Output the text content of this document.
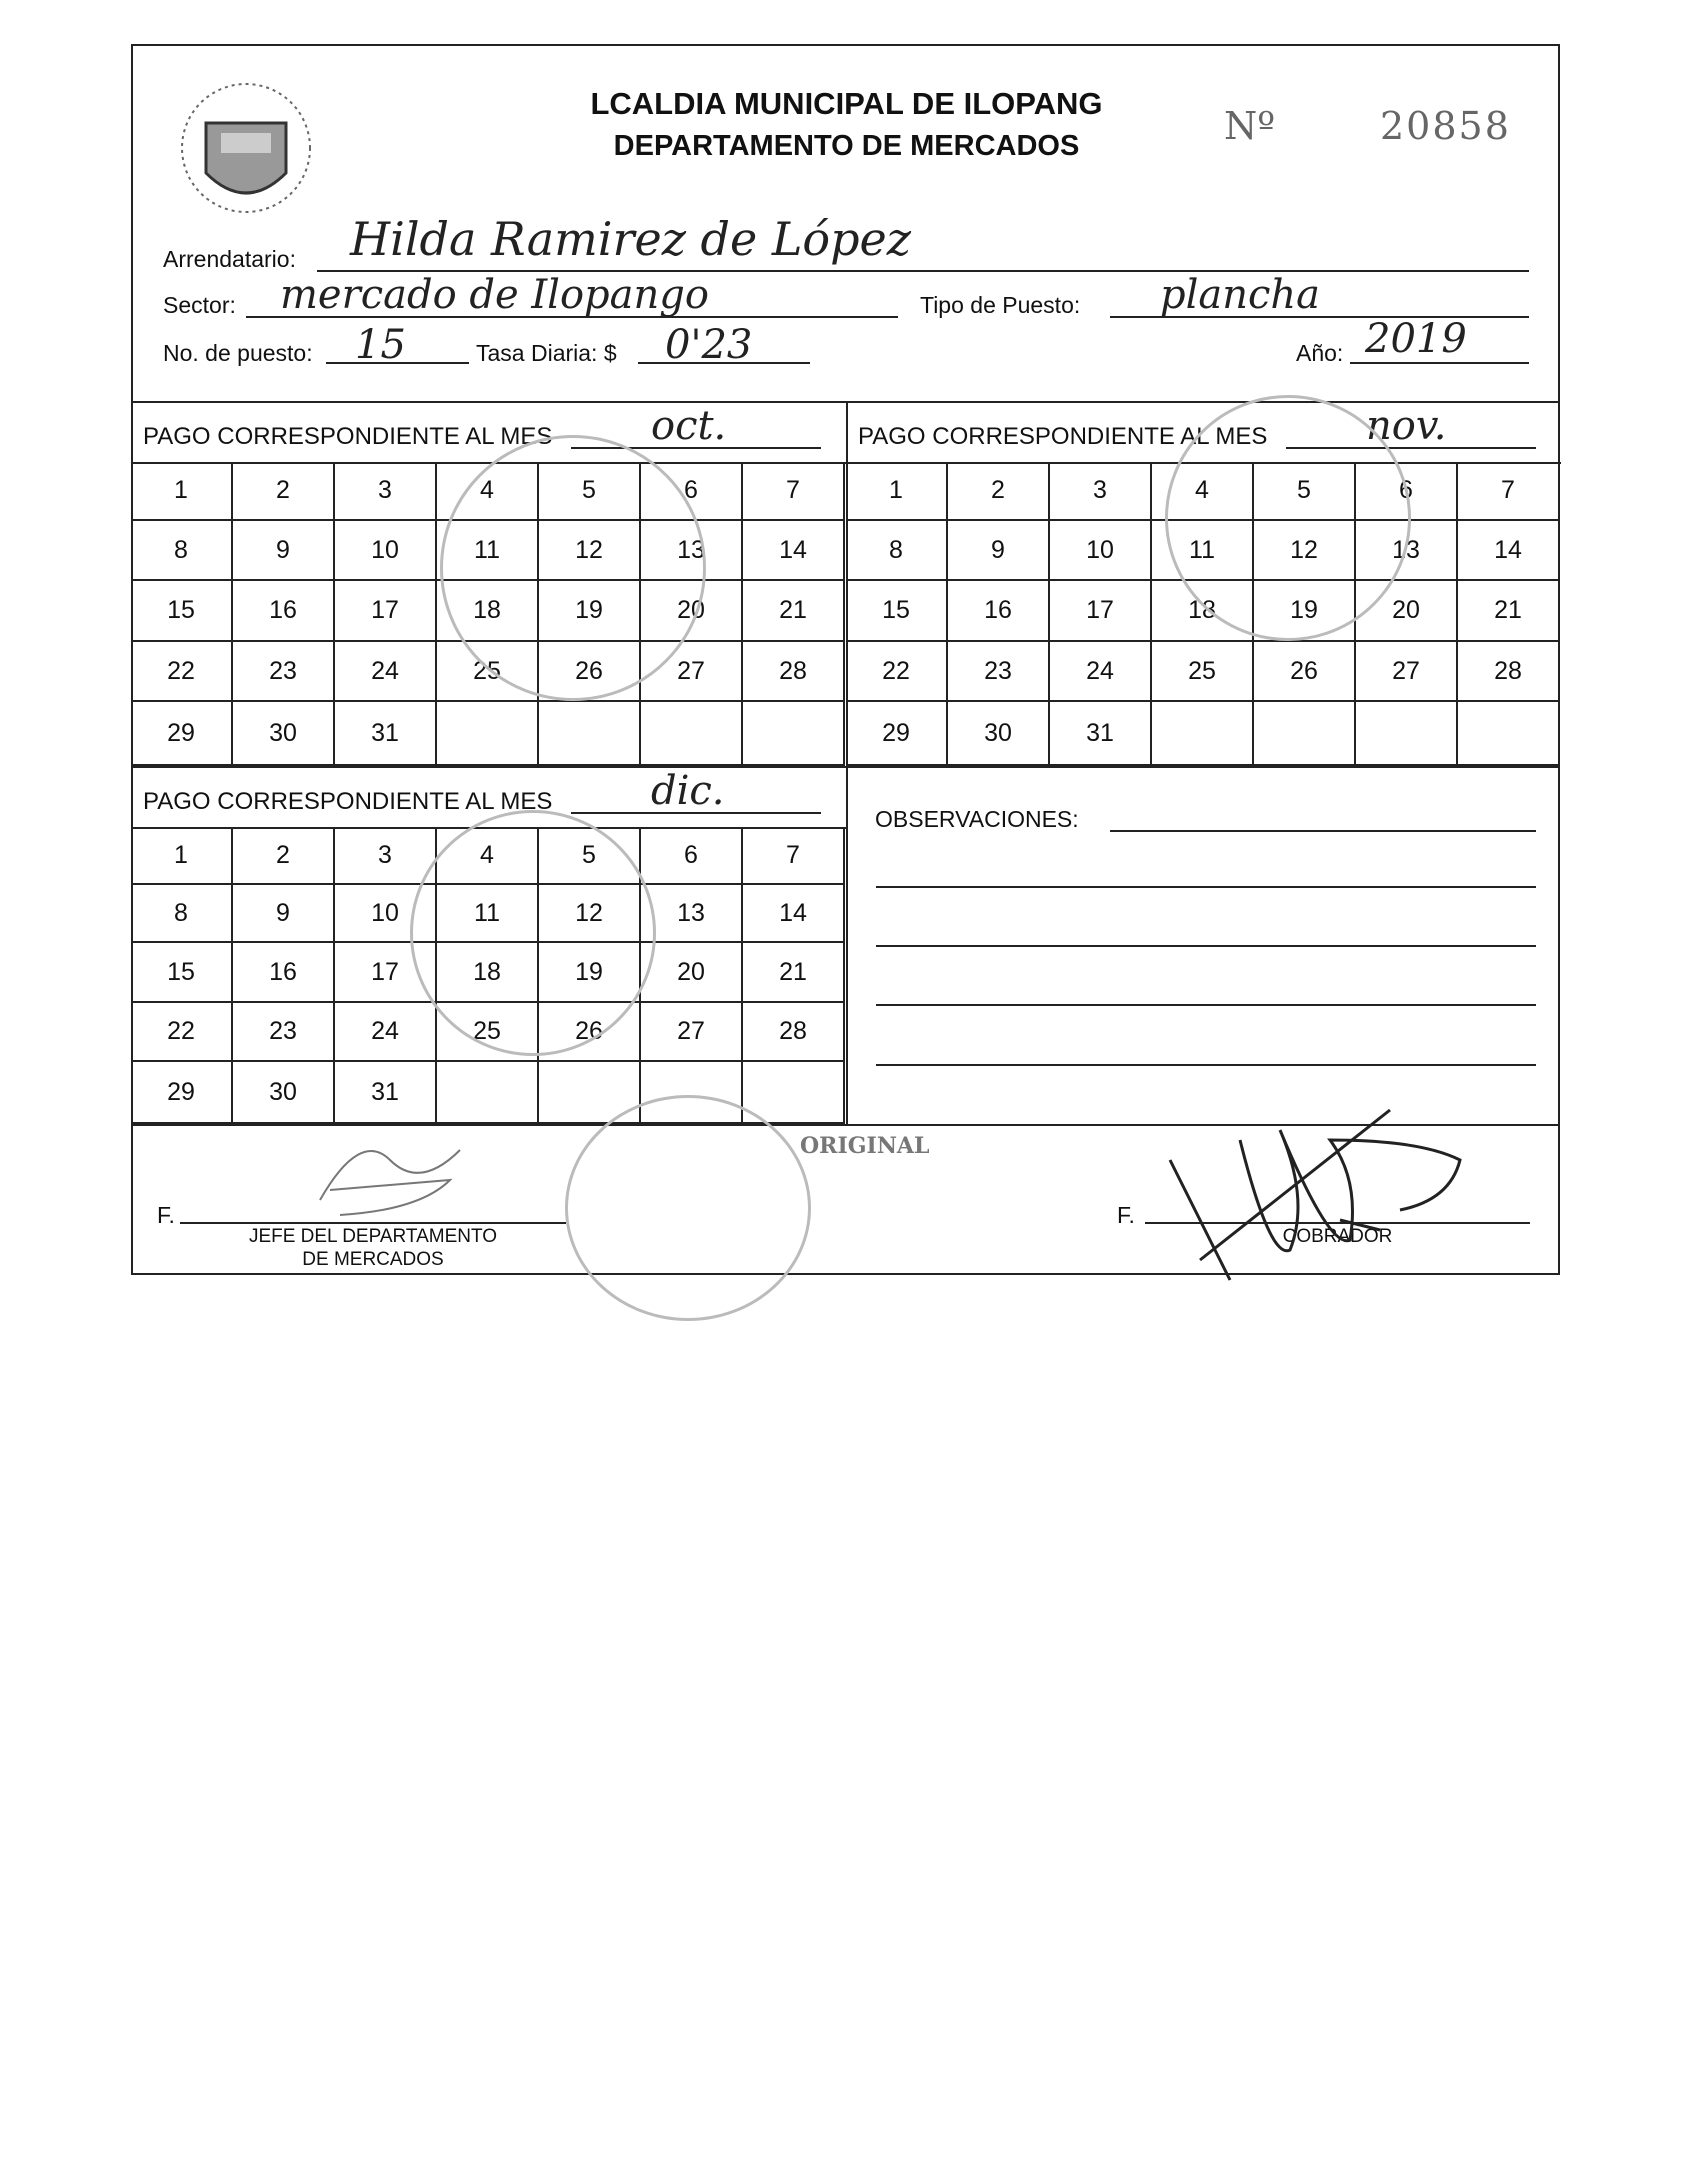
LCALDIA MUNICIPAL DE ILOPANG
DEPARTAMENTO DE MERCADOS	Nº	20858
Arrendatario: Hilda Ramirez de López
Sector: mercado de Ilopango	Tipo de Puesto: plancha
No. de puesto: 15	Tasa Diaria: $ 0'23	Año: 2019
PAGO CORRESPONDIENTE AL MES oct.
1	2	3	4	5	6	7
8	9	10	11	12	13	14
15	16	17	18	19	20	21
22	23	24	25	26	27	28
29	30	31
PAGO CORRESPONDIENTE AL MES nov.
1	2	3	4	5	6	7
8	9	10	11	12	13	14
15	16	17	18	19	20	21
22	23	24	25	26	27	28
29	30	31
PAGO CORRESPONDIENTE AL MES dic.
1	2	3	4	5	6	7
8	9	10	11	12	13	14
15	16	17	18	19	20	21
22	23	24	25	26	27	28
29	30	31
OBSERVACIONES:
ORIGINAL
F.
JEFE DEL DEPARTAMENTO
DE MERCADOS
F.
COBRADOR
